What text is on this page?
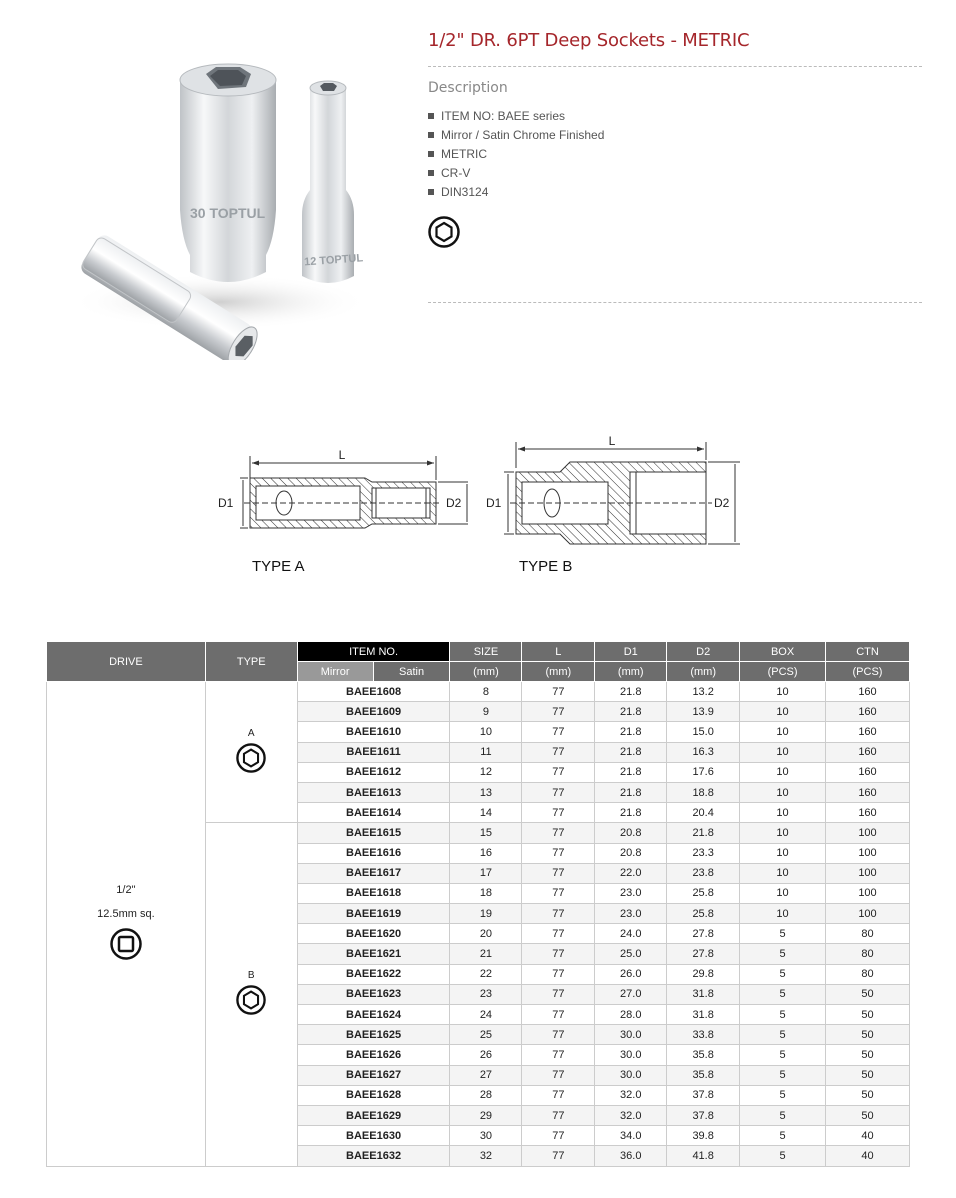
30 TOPTUL
12 TOPTUL
1/2" DR. 6PT Deep Sockets - METRIC
Description
ITEM NO: BAEE series
Mirror / Satin Chrome Finished
METRIC
CR-V
DIN3124
L
D1	D2
TYPE A
L
D1	D2
TYPE B
DRIVE	TYPE	ITEM NO.		SIZE	L	D1	D2	BOX	CTN
		Mirror	Satin	(mm)	(mm)	(mm)	(mm)	(PCS)	(PCS)

1/2"
12.5mm sq.	A	BAEE1608		8	77	21.8	13.2	10	160
		BAEE1609		9	77	21.8	13.9	10	160
		BAEE1610		10	77	21.8	15.0	10	160
		BAEE1611		11	77	21.8	16.3	10	160
		BAEE1612		12	77	21.8	17.6	10	160
		BAEE1613		13	77	21.8	18.8	10	160
		BAEE1614		14	77	21.8	20.4	10	160

	B	BAEE1615		15	77	20.8	21.8	10	100
		BAEE1616		16	77	20.8	23.3	10	100
		BAEE1617		17	77	22.0	23.8	10	100
		BAEE1618		18	77	23.0	25.8	10	100
		BAEE1619		19	77	23.0	25.8	10	100
		BAEE1620		20	77	24.0	27.8	5	80
		BAEE1621		21	77	25.0	27.8	5	80
		BAEE1622		22	77	26.0	29.8	5	80
		BAEE1623		23	77	27.0	31.8	5	50
		BAEE1624		24	77	28.0	31.8	5	50
		BAEE1625		25	77	30.0	33.8	5	50
		BAEE1626		26	77	30.0	35.8	5	50
		BAEE1627		27	77	30.0	35.8	5	50
		BAEE1628		28	77	32.0	37.8	5	50
		BAEE1629		29	77	32.0	37.8	5	50
		BAEE1630		30	77	34.0	39.8	5	40
		BAEE1632		32	77	36.0	41.8	5	40
